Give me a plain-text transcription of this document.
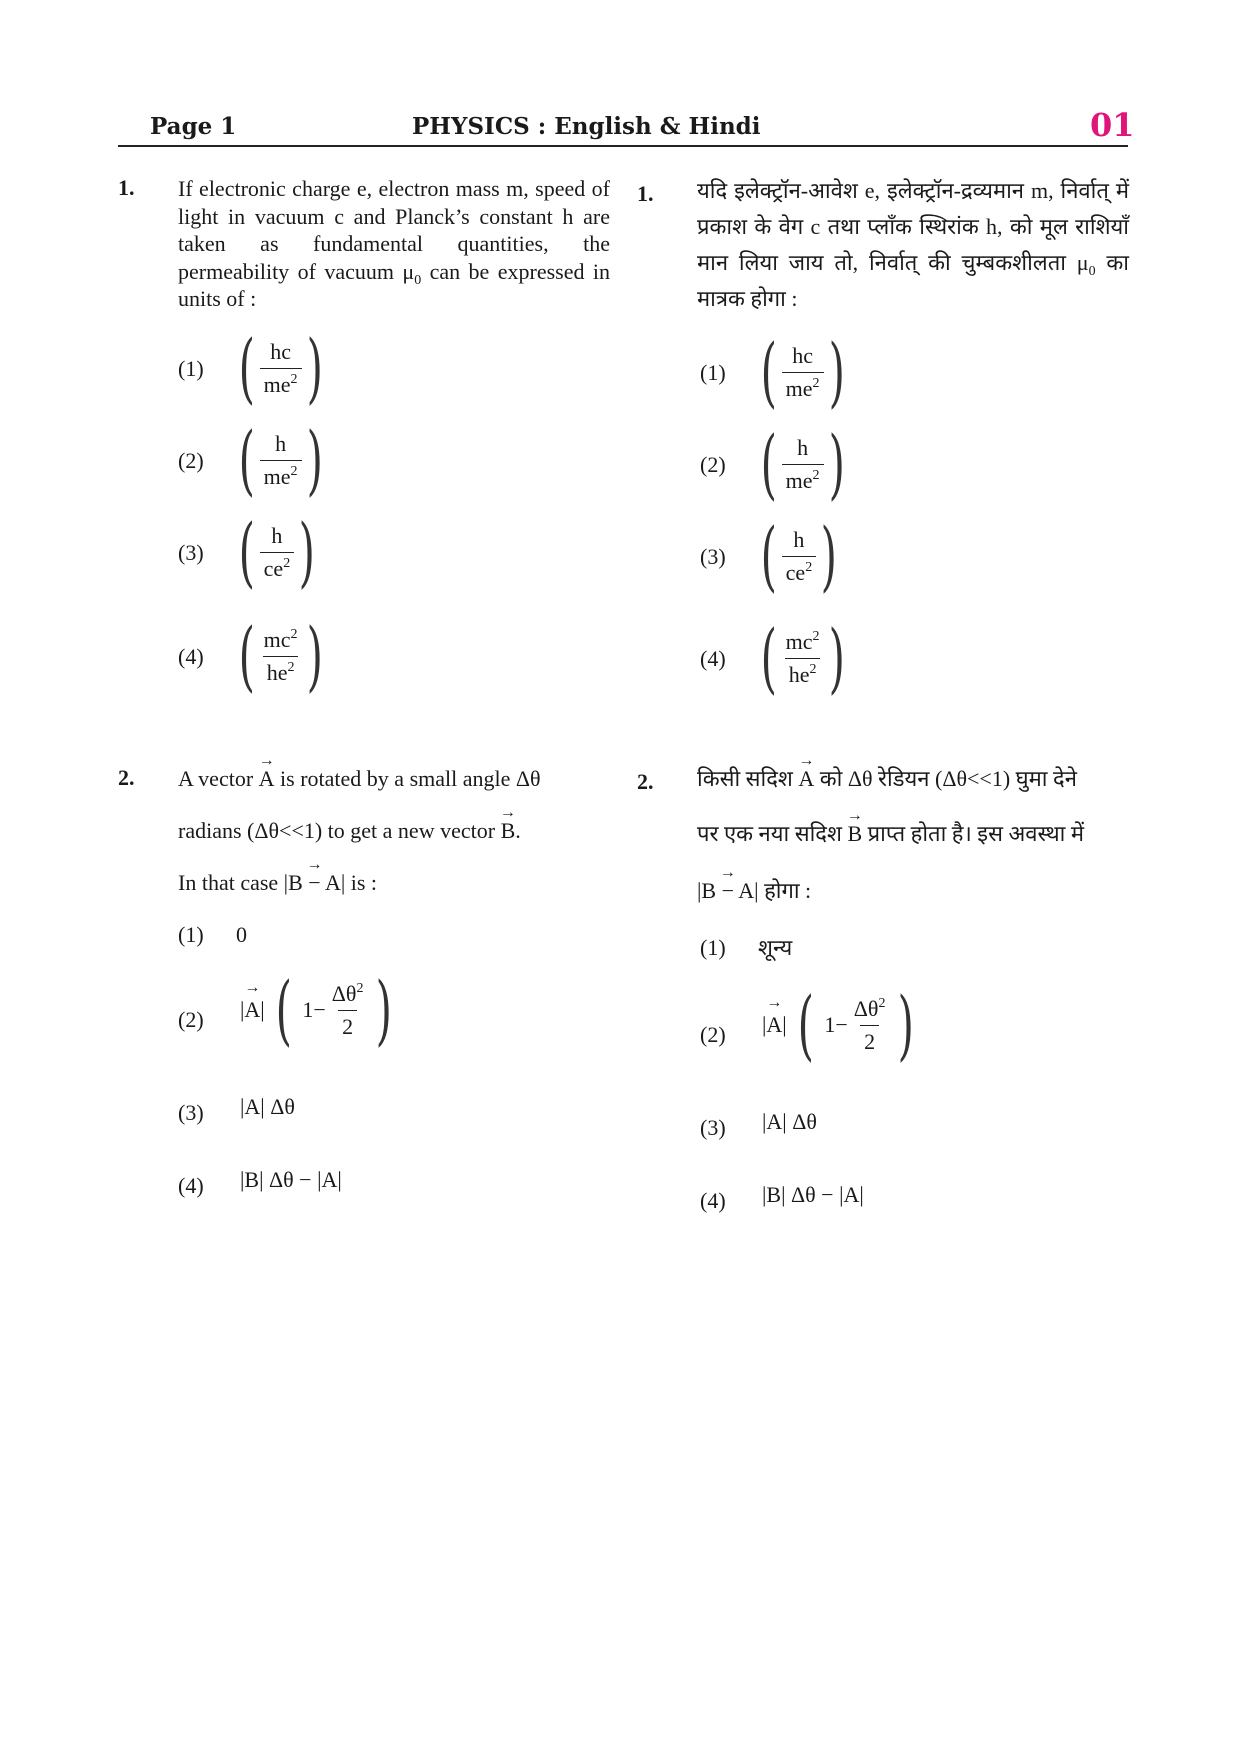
Page 1	PHYSICS : English & Hindi	01
1. If electronic charge e, electron mass m, speed of light in vacuum c and Planck’s constant h are taken as fundamental quantities, the permeability of vacuum $\mu_0$ can be expressed in units of :
(1) ( $\frac{hc}{me^2}$ )
(2) ( $\frac{h}{me^2}$ )
(3) ( $\frac{h}{ce^2}$ )
(4) ( $\frac{mc^2}{he^2}$ )
1. यदि इलेक्ट्रॉन-आवेश e, इलेक्ट्रॉन-द्रव्यमान m, निर्वात् में प्रकाश के वेग c तथा प्लाँक स्थिरांक h, को मूल राशियाँ मान लिया जाय तो, निर्वात् की चुम्बकशीलता $\mu_0$ का मात्रक होगा :
(1) ( $\frac{hc}{me^2}$ )
(2) ( $\frac{h}{me^2}$ )
(3) ( $\frac{h}{ce^2}$ )
(4) ( $\frac{mc^2}{he^2}$ )
2. A vector → A is rotated by a small angle Δθ
radians (Δθ<<1) to get a new vector → B.
In that case → |B − A| is :
(1) 0
(2) → |A| ( $1- \frac{\Delta\theta^2}{2}$ )
(3) |A| Δθ
(4) |B| Δθ − |A|
2. किसी सदिश → A को Δθ रेडियन (Δθ<<1) घुमा देने
पर एक नया सदिश → B प्राप्त होता है। इस अवस्था में
→ |B − A| होगा :
(1) शून्य
(2) → |A| ( $1- \frac{\Delta\theta^2}{2}$ )
(3) |A| Δθ
(4) |B| Δθ − |A|
